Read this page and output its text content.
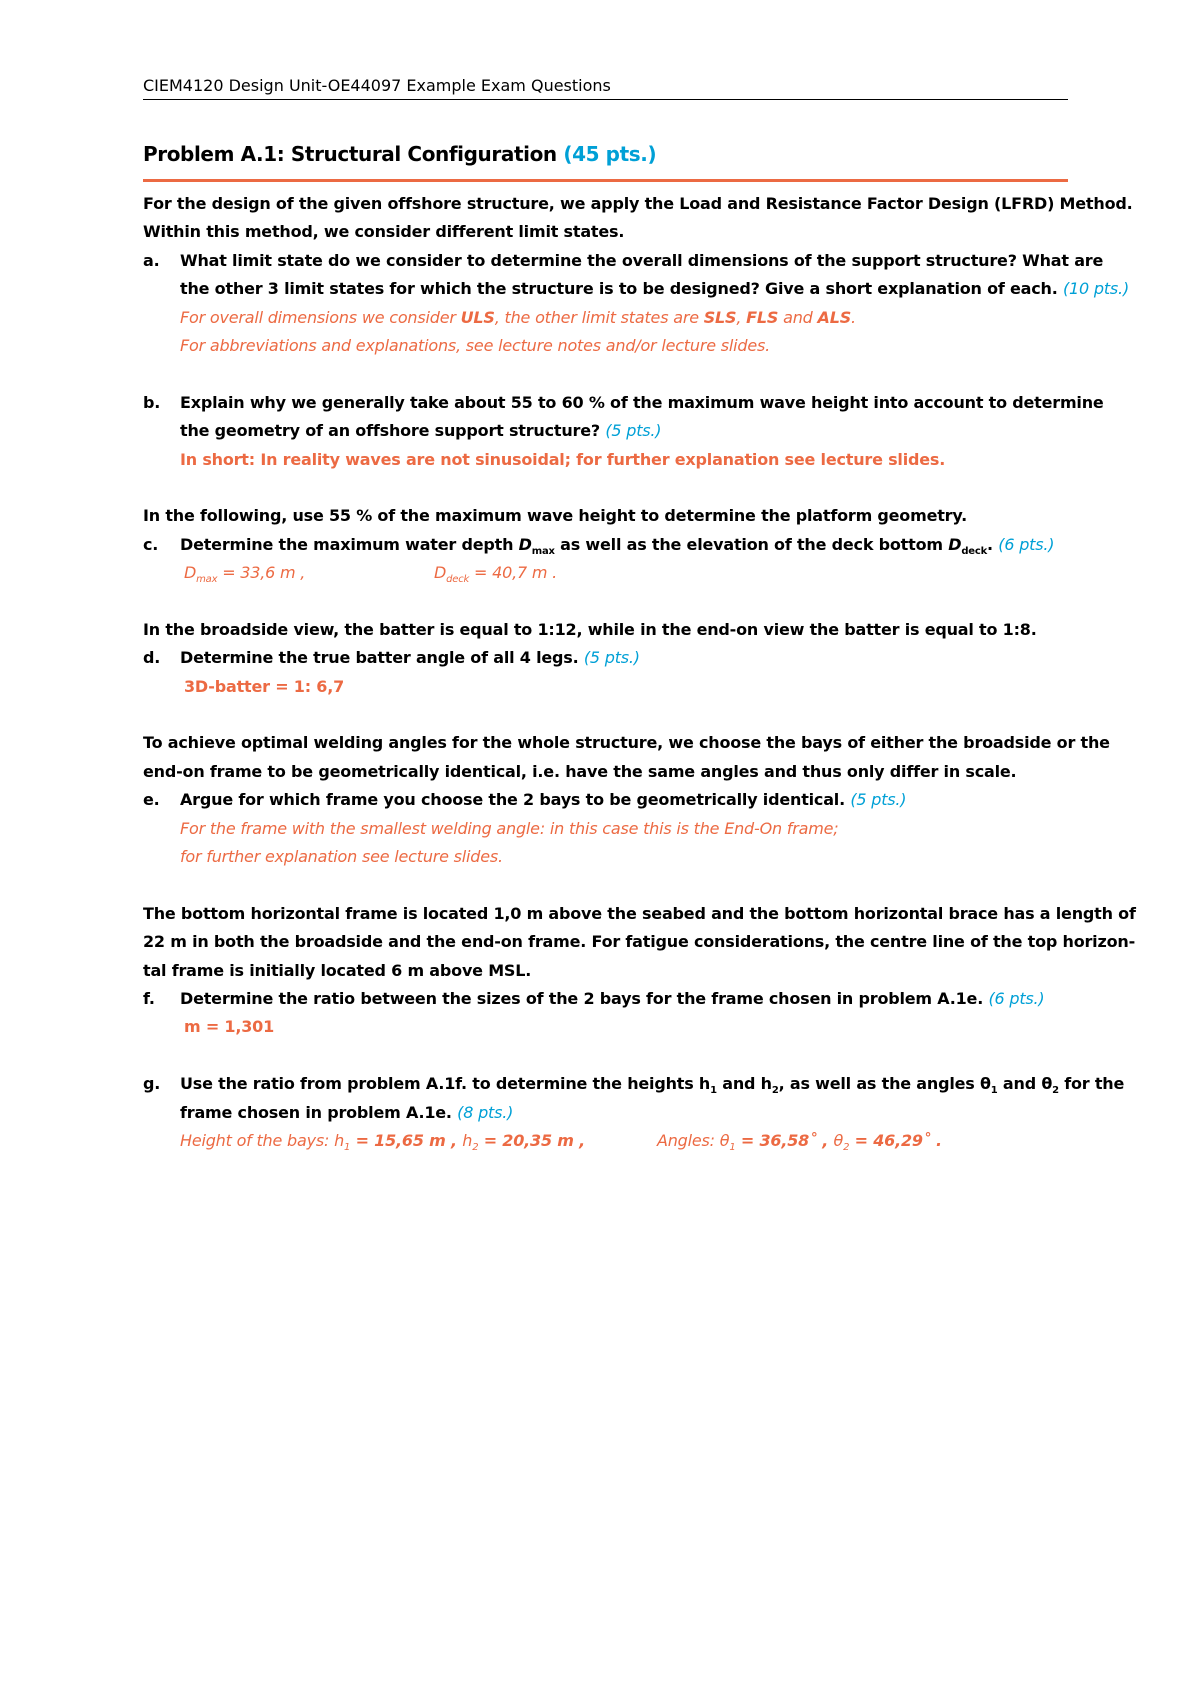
CIEM4120 Design Unit-OE44097 Example Exam Questions
Problem A.1: Structural Configuration (45 pts.)
For the design of the given offshore structure, we apply the Load and Resistance Factor Design (LFRD) Method.
Within this method, we consider different limit states.
a. What limit state do we consider to determine the overall dimensions of the support structure? What are
the other 3 limit states for which the structure is to be designed? Give a short explanation of each. (10 pts.)
For overall dimensions we consider ULS, the other limit states are SLS, FLS and ALS.
For abbreviations and explanations, see lecture notes and/or lecture slides.
b. Explain why we generally take about 55 to 60 % of the maximum wave height into account to determine
the geometry of an offshore support structure? (5 pts.)
In short: In reality waves are not sinusoidal; for further explanation see lecture slides.
In the following, use 55 % of the maximum wave height to determine the platform geometry.
c. Determine the maximum water depth $D_{max}$ as well as the elevation of the deck bottom $D_{deck}$. (6 pts.)
$D_{max} = 33,6$ m ,	$D_{deck} = 40,7$ m .
In the broadside view, the batter is equal to 1:12, while in the end-on view the batter is equal to 1:8.
d. Determine the true batter angle of all 4 legs. (5 pts.)
3D-batter = 1: 6,7
To achieve optimal welding angles for the whole structure, we choose the bays of either the broadside or the
end-on frame to be geometrically identical, i.e. have the same angles and thus only differ in scale.
e. Argue for which frame you choose the 2 bays to be geometrically identical. (5 pts.)
For the frame with the smallest welding angle: in this case this is the End-On frame;
for further explanation see lecture slides.
The bottom horizontal frame is located 1,0 m above the seabed and the bottom horizontal brace has a length of
22 m in both the broadside and the end-on frame. For fatigue considerations, the centre line of the top horizon-
tal frame is initially located 6 m above MSL.
f. Determine the ratio between the sizes of the 2 bays for the frame chosen in problem A.1e. (6 pts.)
m = 1,301
g. Use the ratio from problem A.1f. to determine the heights $h_1$ and $h_2$, as well as the angles $\theta_1$ and $\theta_2$ for the
frame chosen in problem A.1e. (8 pts.)
Height of the bays: $h_1 = 15,65$ m , $h_2 = 20,35$ m ,	Angles: $\theta_1$ = 36,58˚ , $\theta_2$ = 46,29˚ .
